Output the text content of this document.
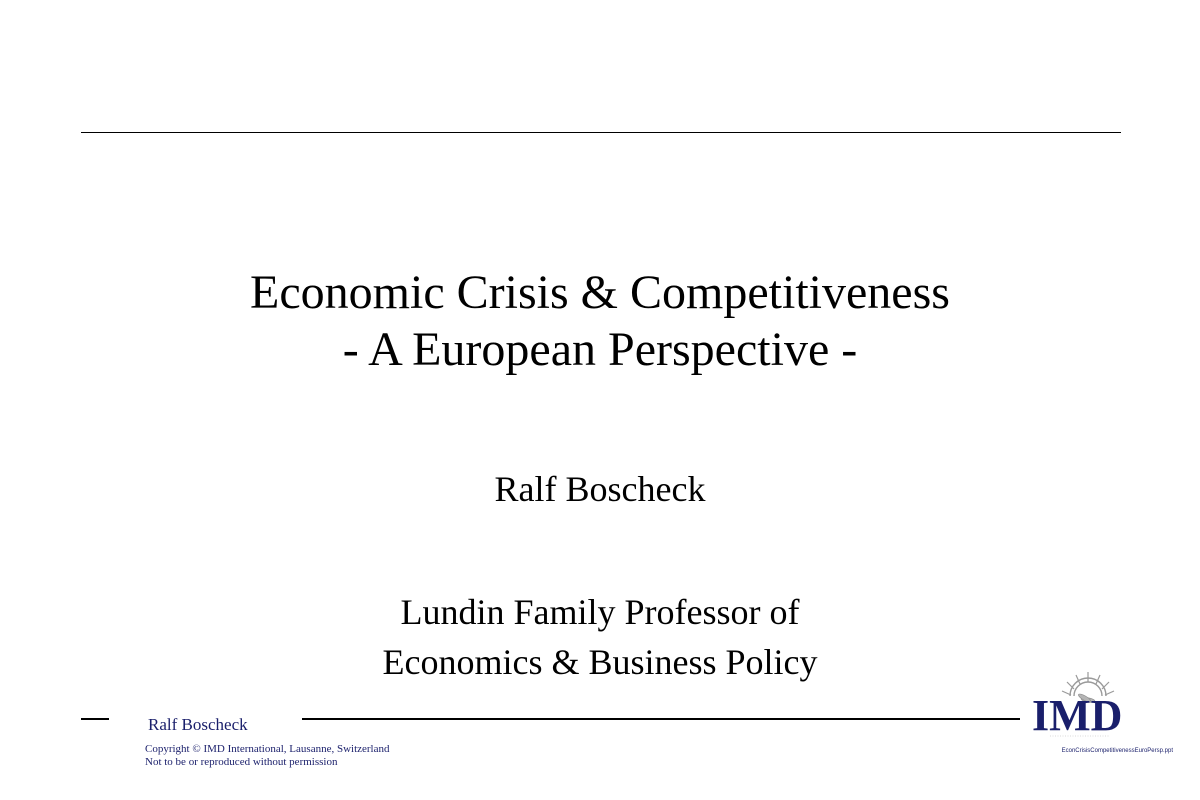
Economic Crisis & Competitiveness
- A European Perspective -
Ralf Boscheck
Lundin Family Professor of
Economics & Business Policy
Ralf Boscheck
Copyright © IMD International, Lausanne, Switzerland
Not to be or reproduced without permission
EconCrisisCompetitivenessEuroPersp.ppt
IMD
